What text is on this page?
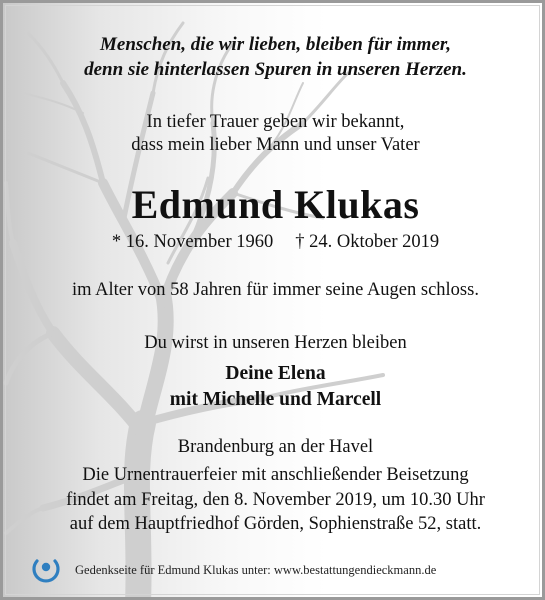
Menschen, die wir lieben, bleiben für immer,
denn sie hinterlassen Spuren in unseren Herzen.
In tiefer Trauer geben wir bekannt,
dass mein lieber Mann und unser Vater
Edmund Klukas
* 16. November 1960 † 24. Oktober 2019
im Alter von 58 Jahren für immer seine Augen schloss.
Du wirst in unseren Herzen bleiben
Deine Elena
mit Michelle und Marcell
Brandenburg an der Havel
Die Urnentrauerfeier mit anschließender Beisetzung
findet am Freitag, den 8. November 2019, um 10.30 Uhr
auf dem Hauptfriedhof Görden, Sophienstraße 52, statt.
Gedenkseite für Edmund Klukas unter: www.bestattungendieckmann.de
